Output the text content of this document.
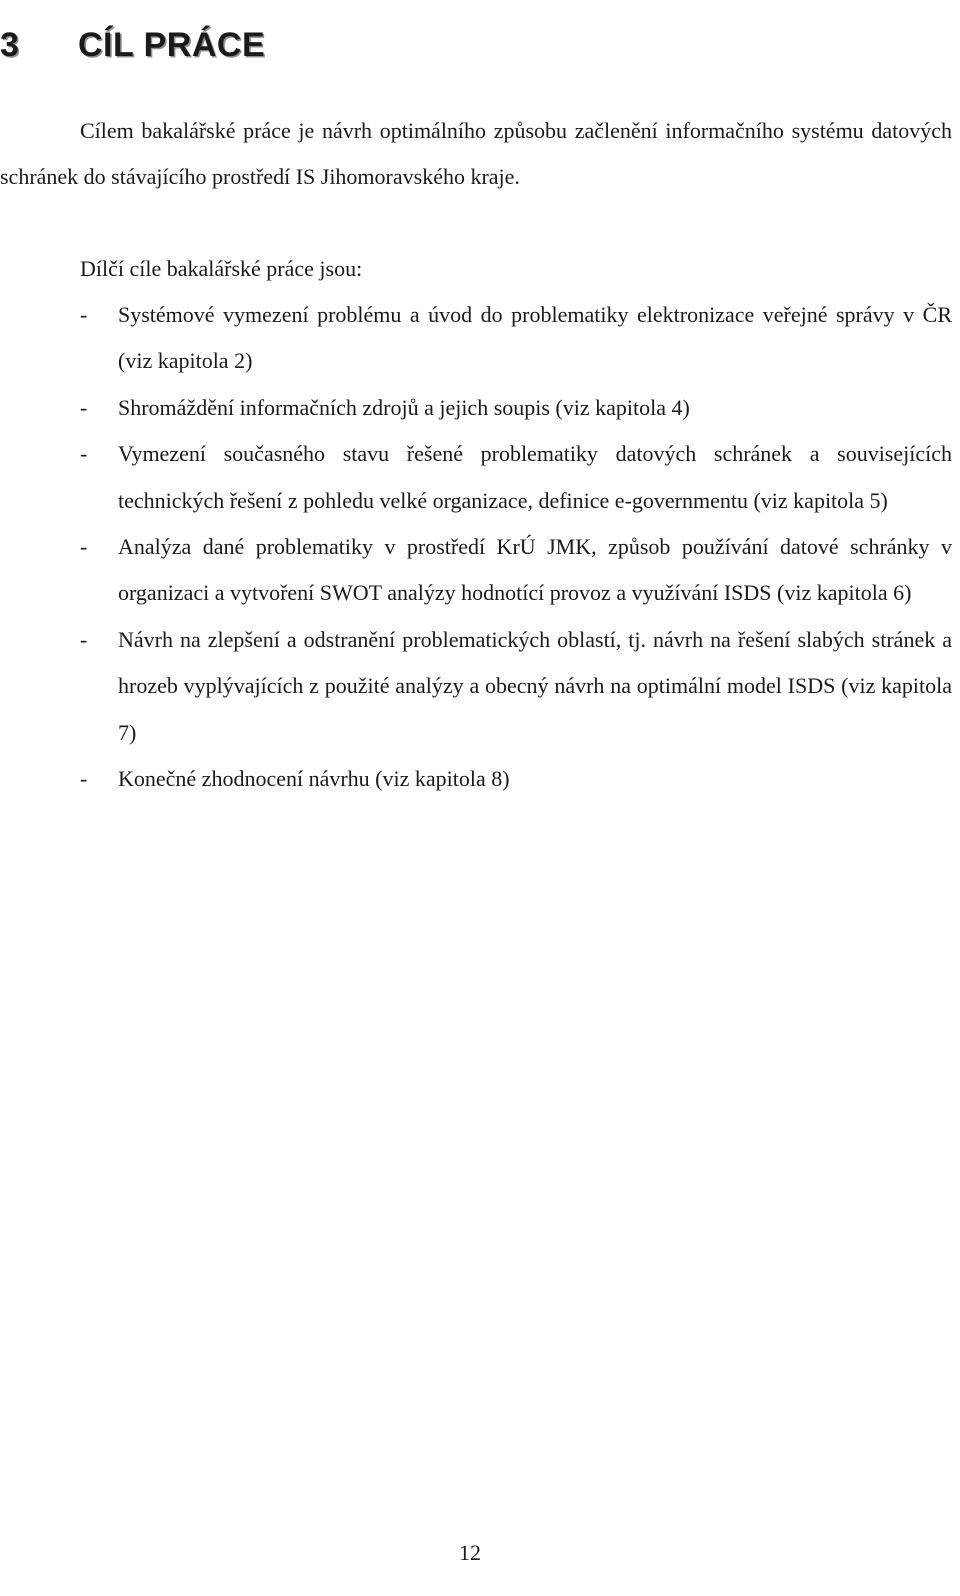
3 CÍL PRÁCE

Cílem bakalářské práce je návrh optimálního způsobu začlenění informačního systému datových schránek do stávajícího prostředí IS Jihomoravského kraje.

Dílčí cíle bakalářské práce jsou:

- Systémové vymezení problému a úvod do problematiky elektronizace veřejné správy v ČR (viz kapitola 2)
- Shromáždění informačních zdrojů a jejich soupis (viz kapitola 4)
- Vymezení současného stavu řešené problematiky datových schránek a souvisejících technických řešení z pohledu velké organizace, definice e-governmentu (viz kapitola 5)
- Analýza dané problematiky v prostředí KrÚ JMK, způsob používání datové schránky v organizaci a vytvoření SWOT analýzy hodnotící provoz a využívání ISDS (viz kapitola 6)
- Návrh na zlepšení a odstranění problematických oblastí, tj. návrh na řešení slabých stránek a hrozeb vyplývajících z použité analýzy a obecný návrh na optimální model ISDS (viz kapitola 7)
- Konečné zhodnocení návrhu (viz kapitola 8)
12
